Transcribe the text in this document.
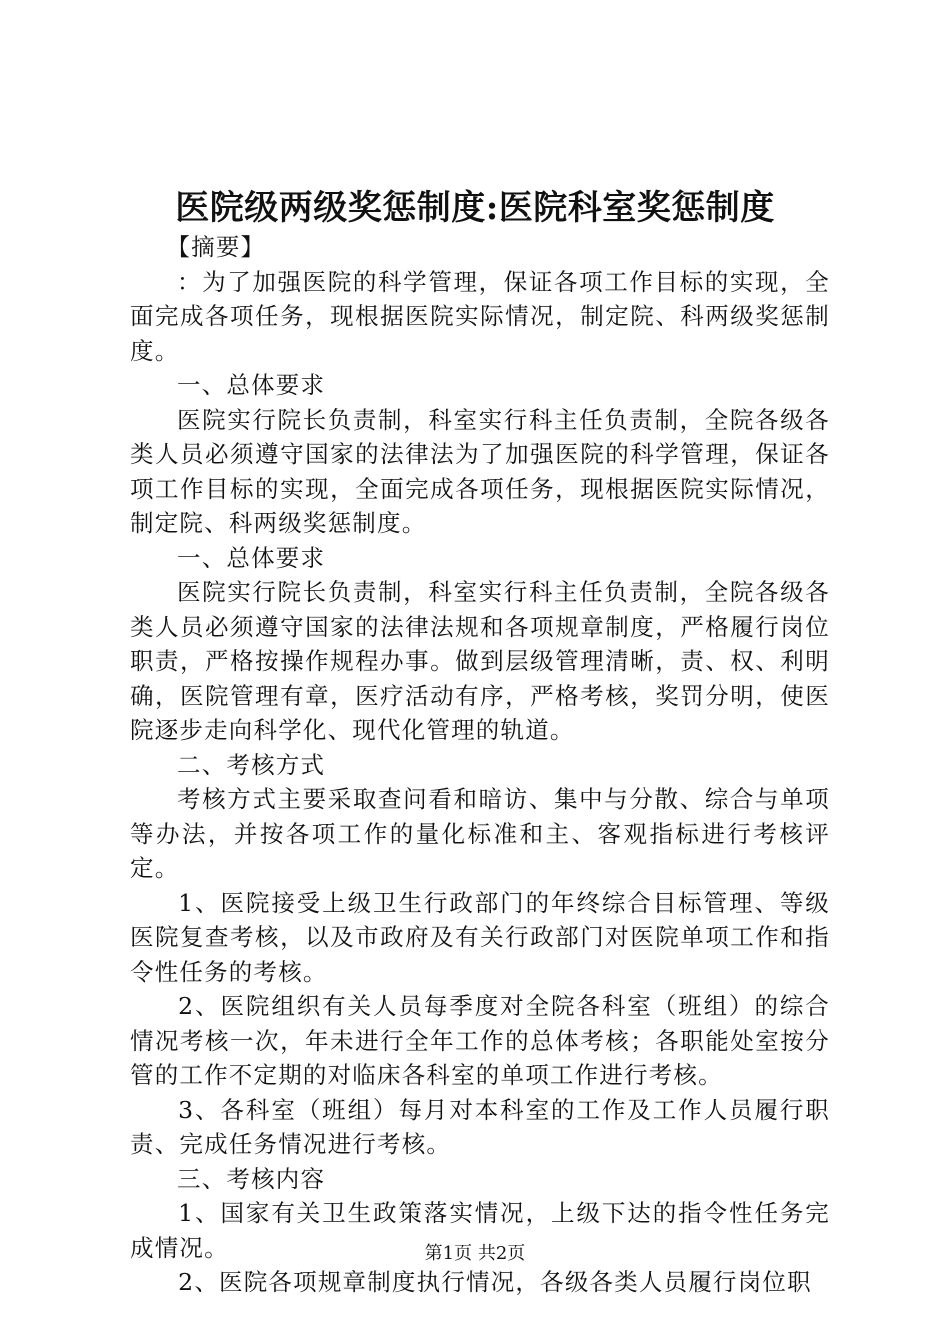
医院级两级奖惩制度:医院科室奖惩制度

【摘要】

：为了加强医院的科学管理，保证各项工作目标的实现，全面完成各项任务，现根据医院实际情况，制定院、科两级奖惩制度。

一、总体要求

医院实行院长负责制，科室实行科主任负责制，全院各级各类人员必须遵守国家的法律法为了加强医院的科学管理，保证各项工作目标的实现，全面完成各项任务，现根据医院实际情况，制定院、科两级奖惩制度。

一、总体要求

医院实行院长负责制，科室实行科主任负责制，全院各级各类人员必须遵守国家的法律法规和各项规章制度，严格履行岗位职责，严格按操作规程办事。做到层级管理清晰，责、权、利明确，医院管理有章，医疗活动有序，严格考核，奖罚分明，使医院逐步走向科学化、现代化管理的轨道。

二、考核方式

考核方式主要采取查问看和暗访、集中与分散、综合与单项等办法，并按各项工作的量化标准和主、客观指标进行考核评定。

1、医院接受上级卫生行政部门的年终综合目标管理、等级医院复查考核，以及市政府及有关行政部门对医院单项工作和指令性任务的考核。

2、医院组织有关人员每季度对全院各科室（班组）的综合情况考核一次，年未进行全年工作的总体考核；各职能处室按分管的工作不定期的对临床各科室的单项工作进行考核。

3、各科室（班组）每月对本科室的工作及工作人员履行职责、完成任务情况进行考核。

三、考核内容

1、国家有关卫生政策落实情况，上级下达的指令性任务完成情况。

2、医院各项规章制度执行情况，各级各类人员履行岗位职

第1页 共2页
